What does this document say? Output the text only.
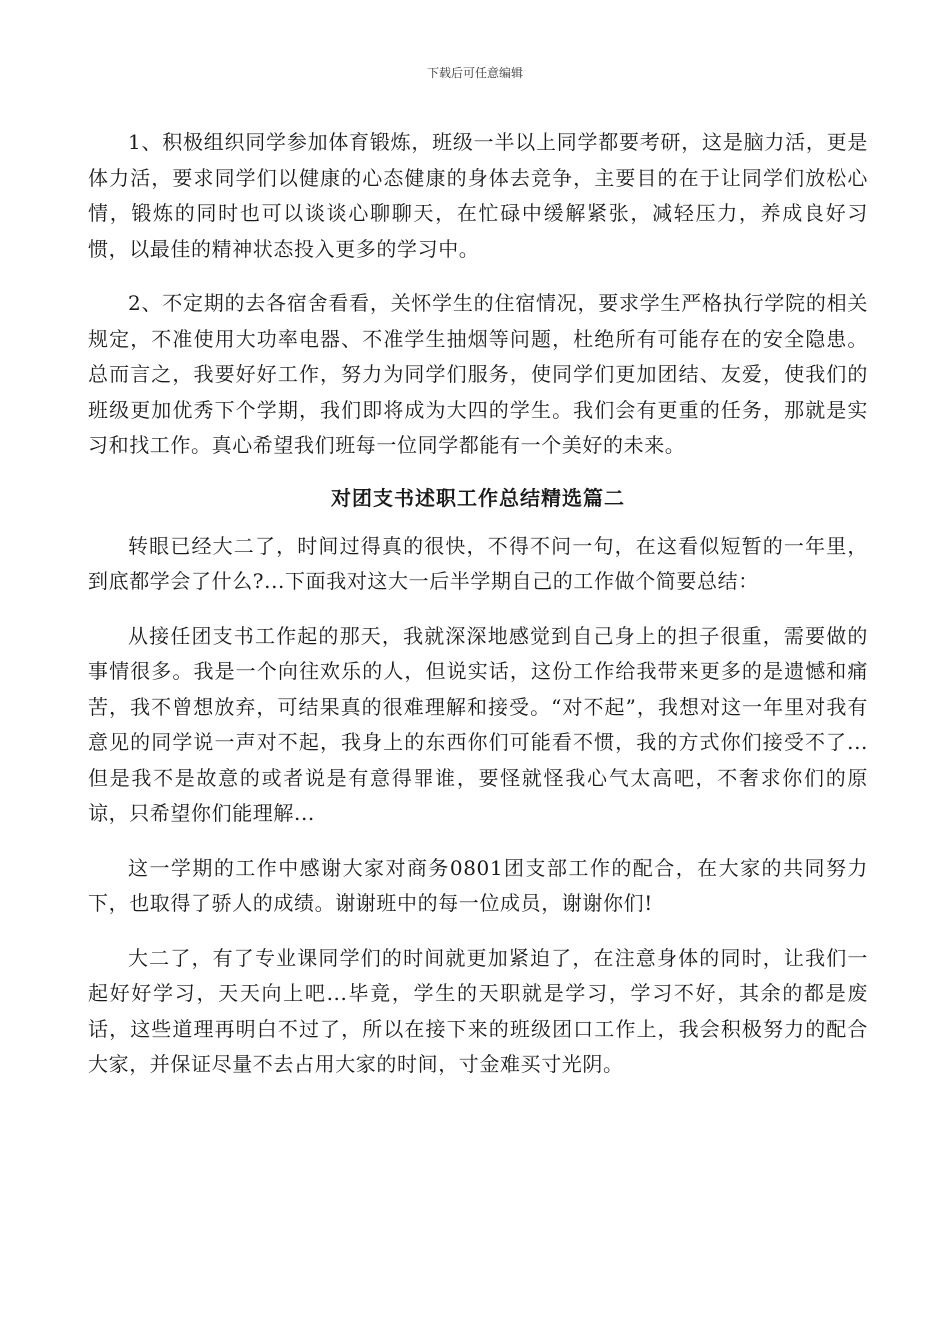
下载后可任意编辑

1、积极组织同学参加体育锻炼，班级一半以上同学都要考研，这是脑力活，更是体力活，要求同学们以健康的心态健康的身体去竞争，主要目的在于让同学们放松心情，锻炼的同时也可以谈谈心聊聊天，在忙碌中缓解紧张，减轻压力，养成良好习惯，以最佳的精神状态投入更多的学习中。

2、不定期的去各宿舍看看，关怀学生的住宿情况，要求学生严格执行学院的相关规定，不准使用大功率电器、不准学生抽烟等问题，杜绝所有可能存在的安全隐患。总而言之，我要好好工作，努力为同学们服务，使同学们更加团结、友爱，使我们的班级更加优秀下个学期，我们即将成为大四的学生。我们会有更重的任务，那就是实习和找工作。真心希望我们班每一位同学都能有一个美好的未来。

对团支书述职工作总结精选篇二

转眼已经大二了，时间过得真的很快，不得不问一句，在这看似短暂的一年里，到底都学会了什么?...下面我对这大一后半学期自己的工作做个简要总结：

从接任团支书工作起的那天，我就深深地感觉到自己身上的担子很重，需要做的事情很多。我是一个向往欢乐的人，但说实话，这份工作给我带来更多的是遗憾和痛苦，我不曾想放弃，可结果真的很难理解和接受。“对不起”，我想对这一年里对我有意见的同学说一声对不起，我身上的东西你们可能看不惯，我的方式你们接受不了...但是我不是故意的或者说是有意得罪谁，要怪就怪我心气太高吧，不奢求你们的原谅，只希望你们能理解...

这一学期的工作中感谢大家对商务0801团支部工作的配合，在大家的共同努力下，也取得了骄人的成绩。谢谢班中的每一位成员，谢谢你们!

大二了，有了专业课同学们的时间就更加紧迫了，在注意身体的同时，让我们一起好好学习，天天向上吧...毕竟，学生的天职就是学习，学习不好，其余的都是废话，这些道理再明白不过了，所以在接下来的班级团口工作上，我会积极努力的配合大家，并保证尽量不去占用大家的时间，寸金难买寸光阴。
